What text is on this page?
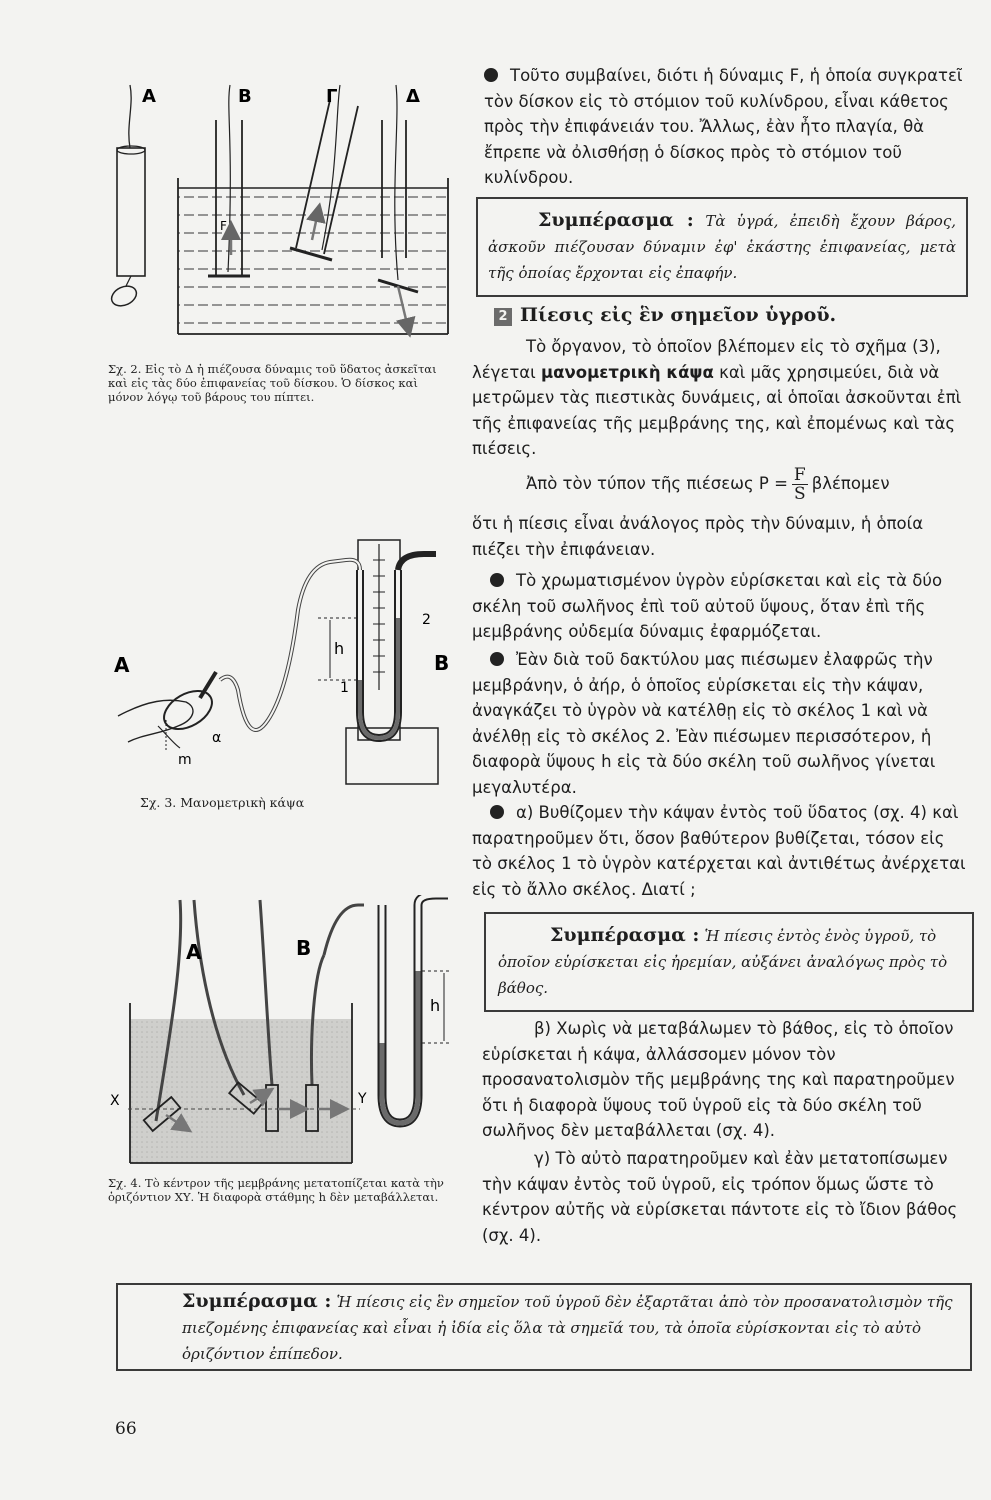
Α
F
Β	Γ	Δ
Σχ. 2. Εἰς τὸ Δ ἡ πιέζουσα δύναμις τοῦ ὕδατος ἀσκεῖται καὶ εἰς τὰς δύο ἐπιφανείας τοῦ δίσκου. Ὁ δίσκος καὶ μόνον λόγῳ τοῦ βάρους του πίπτει.
h
1
2
Β
Α
α
m
Σχ. 3. Μανομετρικὴ κάψα
Χ	Υ
Α	Β
h
Σχ. 4. Τὸ κέντρον τῆς μεμβράνης μετατοπίζεται κατὰ τὴν ὁριζόντιον ΧΥ. Ἡ διαφορὰ στάθμης h δὲν μεταβάλλεται.
Τοῦτο συμβαίνει, διότι ἡ δύναμις F, ἡ ὁποία συγκρατεῖ τὸν δίσκον εἰς τὸ στόμιον τοῦ κυλίνδρου, εἶναι κάθετος πρὸς τὴν ἐπιφάνειάν του. Ἄλλως, ἐὰν ἦτο πλαγία, θὰ ἔπρεπε νὰ ὀλισθήσῃ ὁ δίσκος πρὸς τὸ στόμιον τοῦ κυλίνδρου.
Συμπέρασμα : Τὰ ὑγρά, ἐπειδὴ ἔχουν βάρος, ἀσκοῦν πιέζουσαν δύναμιν ἐφ' ἑκάστης ἐπιφανείας, μετὰ τῆς ὁποίας ἔρχονται εἰς ἐπαφήν.
2 Πίεσις εἰς ἓν σημεῖον ὑγροῦ.
Τὸ ὄργανον, τὸ ὁποῖον βλέπομεν εἰς τὸ σχῆμα (3), λέγεται μανομετρικὴ κάψα καὶ μᾶς χρησιμεύει, διὰ νὰ μετρῶμεν τὰς πιεστικὰς δυνάμεις, αἱ ὁποῖαι ἀσκοῦνται ἐπὶ τῆς ἐπιφανείας τῆς μεμβράνης της, καὶ ἐπομένως καὶ τὰς πιέσεις.
Ἀπὸ τὸν τύπον τῆς πιέσεως $P = \frac{F}{S}$ βλέπομεν
ὅτι ἡ πίεσις εἶναι ἀνάλογος πρὸς τὴν δύναμιν, ἡ ὁποία πιέζει τὴν ἐπιφάνειαν.
Τὸ χρωματισμένον ὑγρὸν εὑρίσκεται καὶ εἰς τὰ δύο σκέλη τοῦ σωλῆνος ἐπὶ τοῦ αὐτοῦ ὕψους, ὅταν ἐπὶ τῆς μεμβράνης οὐδεμία δύναμις ἐφαρμόζεται.
Ἐὰν διὰ τοῦ δακτύλου μας πιέσωμεν ἐλαφρῶς τὴν μεμβράνην, ὁ ἀήρ, ὁ ὁποῖος εὑρίσκεται εἰς τὴν κάψαν, ἀναγκάζει τὸ ὑγρὸν νὰ κατέλθῃ εἰς τὸ σκέλος 1 καὶ νὰ ἀνέλθῃ εἰς τὸ σκέλος 2. Ἐὰν πιέσωμεν περισσότερον, ἡ διαφορὰ ὕψους h εἰς τὰ δύο σκέλη τοῦ σωλῆνος γίνεται μεγαλυτέρα.
α) Βυθίζομεν τὴν κάψαν ἐντὸς τοῦ ὕδατος (σχ. 4) καὶ παρατηροῦμεν ὅτι, ὅσον βαθύτερον βυθίζεται, τόσον εἰς τὸ σκέλος 1 τὸ ὑγρὸν κατέρχεται καὶ ἀντιθέτως ἀνέρχεται εἰς τὸ ἄλλο σκέλος. Διατί ;
Συμπέρασμα : Ἡ πίεσις ἐντὸς ἑνὸς ὑγροῦ, τὸ ὁποῖον εὑρίσκεται εἰς ἠρεμίαν, αὐξάνει ἀναλόγως πρὸς τὸ βάθος.
β) Χωρὶς νὰ μεταβάλωμεν τὸ βάθος, εἰς τὸ ὁποῖον εὑρίσκεται ἡ κάψα, ἀλλάσσομεν μόνον τὸν προσανατολισμὸν τῆς μεμβράνης της καὶ παρατηροῦμεν ὅτι ἡ διαφορὰ ὕψους τοῦ ὑγροῦ εἰς τὰ δύο σκέλη τοῦ σωλῆνος δὲν μεταβάλλεται (σχ. 4).
γ) Τὸ αὐτὸ παρατηροῦμεν καὶ ἐὰν μετατοπίσωμεν τὴν κάψαν ἐντὸς τοῦ ὑγροῦ, εἰς τρόπον ὅμως ὥστε τὸ κέντρον αὐτῆς νὰ εὑρίσκεται πάντοτε εἰς τὸ ἴδιον βάθος (σχ. 4).
Συμπέρασμα : Ἡ πίεσις εἰς ἓν σημεῖον τοῦ ὑγροῦ δὲν ἐξαρτᾶται ἀπὸ τὸν προσανατολισμὸν τῆς πιεζομένης ἐπιφανείας καὶ εἶναι ἡ ἰδία εἰς ὅλα τὰ σημεῖά του, τὰ ὁποῖα εὑρίσκονται εἰς τὸ αὐτὸ ὁριζόντιον ἐπίπεδον.
66
